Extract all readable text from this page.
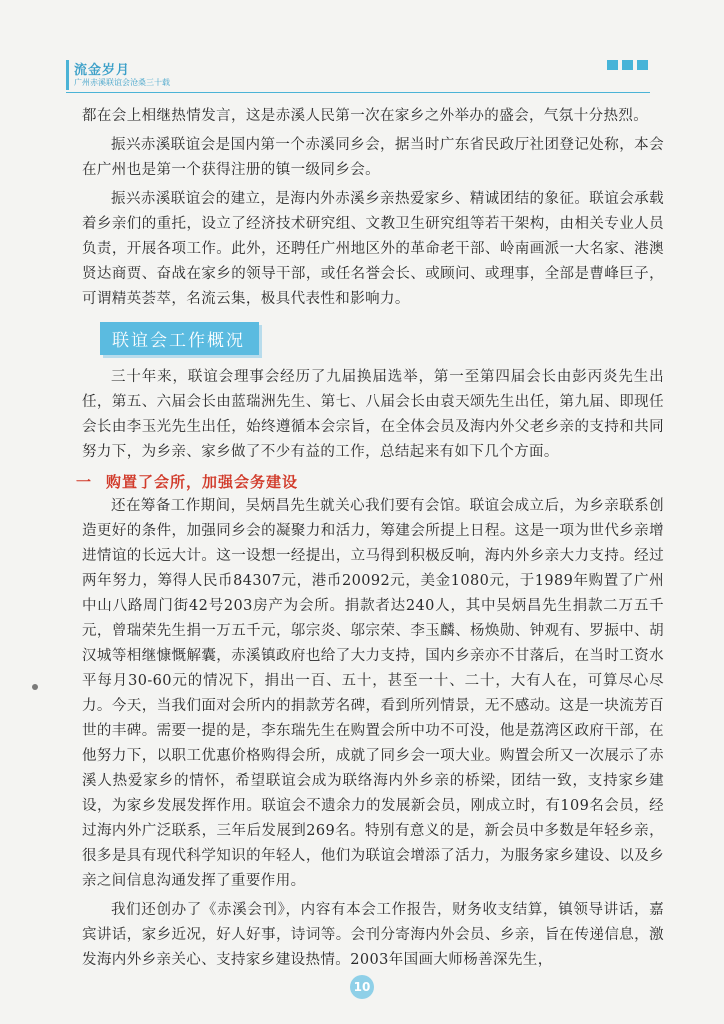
流金岁月
广州赤溪联谊会沧桑三十载

都在会上相继热情发言，这是赤溪人民第一次在家乡之外举办的盛会，气氛十分热烈。

振兴赤溪联谊会是国内第一个赤溪同乡会，据当时广东省民政厅社团登记处称，本会在广州也是第一个获得注册的镇一级同乡会。

振兴赤溪联谊会的建立，是海内外赤溪乡亲热爱家乡、精诚团结的象征。联谊会承载着乡亲们的重托，设立了经济技术研究组、文教卫生研究组等若干架构，由相关专业人员负责，开展各项工作。此外，还聘任广州地区外的革命老干部、岭南画派一大名家、港澳贤达商贾、奋战在家乡的领导干部，或任名誉会长、或顾问、或理事，全部是曹峰巨子，可谓精英荟萃，名流云集，极具代表性和影响力。

联谊会工作概况

三十年来，联谊会理事会经历了九届换届选举，第一至第四届会长由彭丙炎先生出任，第五、六届会长由蓝瑞洲先生、第七、八届会长由袁天颂先生出任，第九届、即现任会长由李玉光先生出任，始终遵循本会宗旨，在全体会员及海内外父老乡亲的支持和共同努力下，为乡亲、家乡做了不少有益的工作，总结起来有如下几个方面。

一 购置了会所，加强会务建设

还在筹备工作期间，吴炳昌先生就关心我们要有会馆。联谊会成立后，为乡亲联系创造更好的条件，加强同乡会的凝聚力和活力，筹建会所提上日程。这是一项为世代乡亲增进情谊的长远大计。这一设想一经提出，立马得到积极反响，海内外乡亲大力支持。经过两年努力，筹得人民币84307元，港币20092元，美金1080元，于1989年购置了广州中山八路周门街42号203房产为会所。捐款者达240人，其中吴炳昌先生捐款二万五千元，曾瑞荣先生捐一万五千元，邬宗炎、邬宗荣、李玉麟、杨焕勋、钟观有、罗振中、胡汉城等相继慷慨解囊，赤溪镇政府也给了大力支持，国内乡亲亦不甘落后，在当时工资水平每月30-60元的情况下，捐出一百、五十，甚至一十、二十，大有人在，可算尽心尽力。今天，当我们面对会所内的捐款芳名碑，看到所列情景，无不感动。这是一块流芳百世的丰碑。需要一提的是，李东瑞先生在购置会所中功不可没，他是荔湾区政府干部，在他努力下，以职工优惠价格购得会所，成就了同乡会一项大业。购置会所又一次展示了赤溪人热爱家乡的情怀，希望联谊会成为联络海内外乡亲的桥梁，团结一致，支持家乡建设，为家乡发展发挥作用。联谊会不遗余力的发展新会员，刚成立时，有109名会员，经过海内外广泛联系，三年后发展到269名。特别有意义的是，新会员中多数是年轻乡亲，很多是具有现代科学知识的年轻人，他们为联谊会增添了活力，为服务家乡建设、以及乡亲之间信息沟通发挥了重要作用。

我们还创办了《赤溪会刊》，内容有本会工作报告，财务收支结算，镇领导讲话，嘉宾讲话，家乡近况，好人好事，诗词等。会刊分寄海内外会员、乡亲，旨在传递信息，激发海内外乡亲关心、支持家乡建设热情。2003年国画大师杨善深先生，

10
